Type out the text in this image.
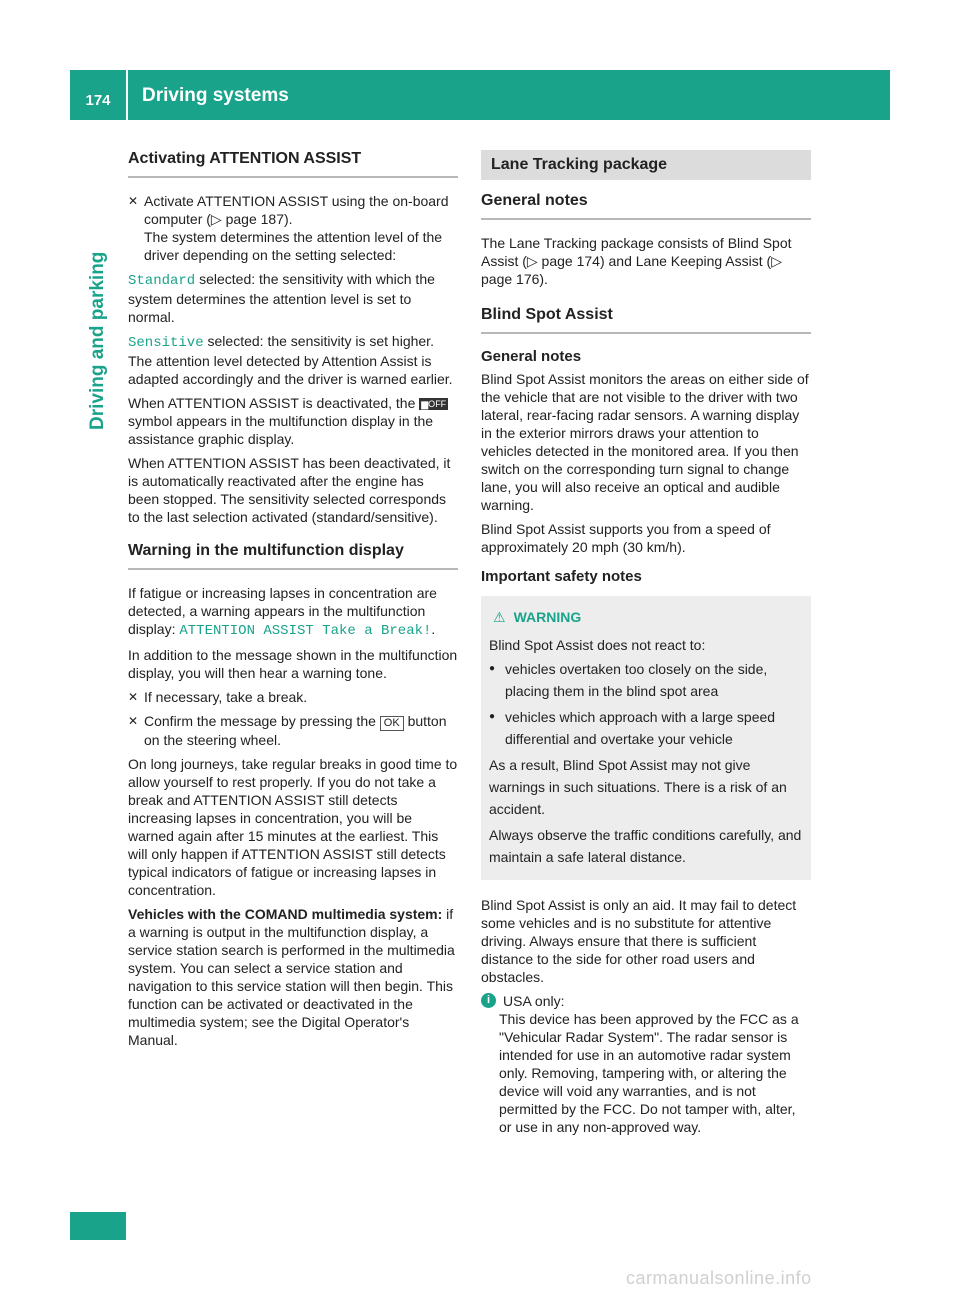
174	Driving systems
Driving and parking
Activating ATTENTION ASSIST
✕ Activate ATTENTION ASSIST using the on-board computer (▷ page 187).
The system determines the attention level of the driver depending on the setting selected:

Standard selected: the sensitivity with which the system determines the attention level is set to normal.

Sensitive selected: the sensitivity is set higher. The attention level detected by Attention Assist is adapted accordingly and the driver is warned earlier.

When ATTENTION ASSIST is deactivated, the ▆OFF symbol appears in the multifunction display in the assistance graphic display.

When ATTENTION ASSIST has been deactivated, it is automatically reactivated after the engine has been stopped. The sensitivity selected corresponds to the last selection activated (standard/sensitive).

Warning in the multifunction display

If fatigue or increasing lapses in concentration are detected, a warning appears in the multifunction display: ATTENTION ASSIST Take a Break!.

In addition to the message shown in the multifunction display, you will then hear a warning tone.

✕ If necessary, take a break.
✕ Confirm the message by pressing the OK button on the steering wheel.

On long journeys, take regular breaks in good time to allow yourself to rest properly. If you do not take a break and ATTENTION ASSIST still detects increasing lapses in concentration, you will be warned again after 15 minutes at the earliest. This will only happen if ATTENTION ASSIST still detects typical indicators of fatigue or increasing lapses in concentration.

Vehicles with the COMAND multimedia system: if a warning is output in the multifunction display, a service station search is performed in the multimedia system. You can select a service station and navigation to this service station will then begin. This function can be activated or deactivated in the multimedia system; see the Digital Operator's Manual.

Lane Tracking package
General notes

The Lane Tracking package consists of Blind Spot Assist (▷ page 174) and Lane Keeping Assist (▷ page 176).

Blind Spot Assist
General notes

Blind Spot Assist monitors the areas on either side of the vehicle that are not visible to the driver with two lateral, rear-facing radar sensors. A warning display in the exterior mirrors draws your attention to vehicles detected in the monitored area. If you then switch on the corresponding turn signal to change lane, you will also receive an optical and audible warning.

Blind Spot Assist supports you from a speed of approximately 20 mph (30 km/h).

Important safety notes
⚠ WARNING
Blind Spot Assist does not react to:
● vehicles overtaken too closely on the side, placing them in the blind spot area
● vehicles which approach with a large speed differential and overtake your vehicle
As a result, Blind Spot Assist may not give warnings in such situations. There is a risk of an accident.
Always observe the traffic conditions carefully, and maintain a safe lateral distance.

Blind Spot Assist is only an aid. It may fail to detect some vehicles and is no substitute for attentive driving. Always ensure that there is sufficient distance to the side for other road users and obstacles.

i USA only:
This device has been approved by the FCC as a "Vehicular Radar System". The radar sensor is intended for use in an automotive radar system only. Removing, tampering with, or altering the device will void any warranties, and is not permitted by the FCC. Do not tamper with, alter, or use in any non-approved way.
carmanualsonline.info
